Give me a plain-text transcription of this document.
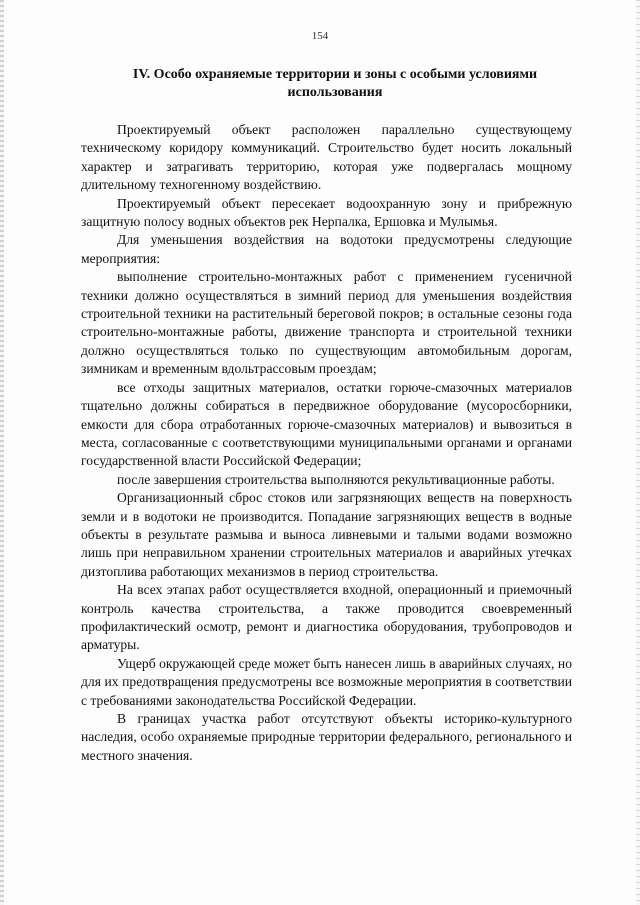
154
IV. Особо охраняемые территории и зоны с особыми условиями использования

Проектируемый объект расположен параллельно существующему техническому коридору коммуникаций. Строительство будет носить локальный характер и затрагивать территорию, которая уже подвергалась мощному длительному техногенному воздействию.

Проектируемый объект пересекает водоохранную зону и прибрежную защитную полосу водных объектов рек Нерпалка, Ершовка и Мулымья.

Для уменьшения воздействия на водотоки предусмотрены следующие мероприятия:

выполнение строительно-монтажных работ с применением гусеничной техники должно осуществляться в зимний период для уменьшения воздействия строительной техники на растительный береговой покров; в остальные сезоны года строительно-монтажные работы, движение транспорта и строительной техники должно осуществляться только по существующим автомобильным дорогам, зимникам и временным вдольтрассовым проездам;

все отходы защитных материалов, остатки горюче-смазочных материалов тщательно должны собираться в передвижное оборудование (мусоросборники, емкости для сбора отработанных горюче-смазочных материалов) и вывозиться в места, согласованные с соответствующими муниципальными органами и органами государственной власти Российской Федерации;

после завершения строительства выполняются рекультивационные работы.

Организационный сброс стоков или загрязняющих веществ на поверхность земли и в водотоки не производится. Попадание загрязняющих веществ в водные объекты в результате размыва и выноса ливневыми и талыми водами возможно лишь при неправильном хранении строительных материалов и аварийных утечках дизтоплива работающих механизмов в период строительства.

На всех этапах работ осуществляется входной, операционный и приемочный контроль качества строительства, а также проводится своевременный профилактический осмотр, ремонт и диагностика оборудования, трубопроводов и арматуры.

Ущерб окружающей среде может быть нанесен лишь в аварийных случаях, но для их предотвращения предусмотрены все возможные мероприятия в соответствии с требованиями законодательства Российской Федерации.

В границах участка работ отсутствуют объекты историко-культурного наследия, особо охраняемые природные территории федерального, регионального и местного значения.
